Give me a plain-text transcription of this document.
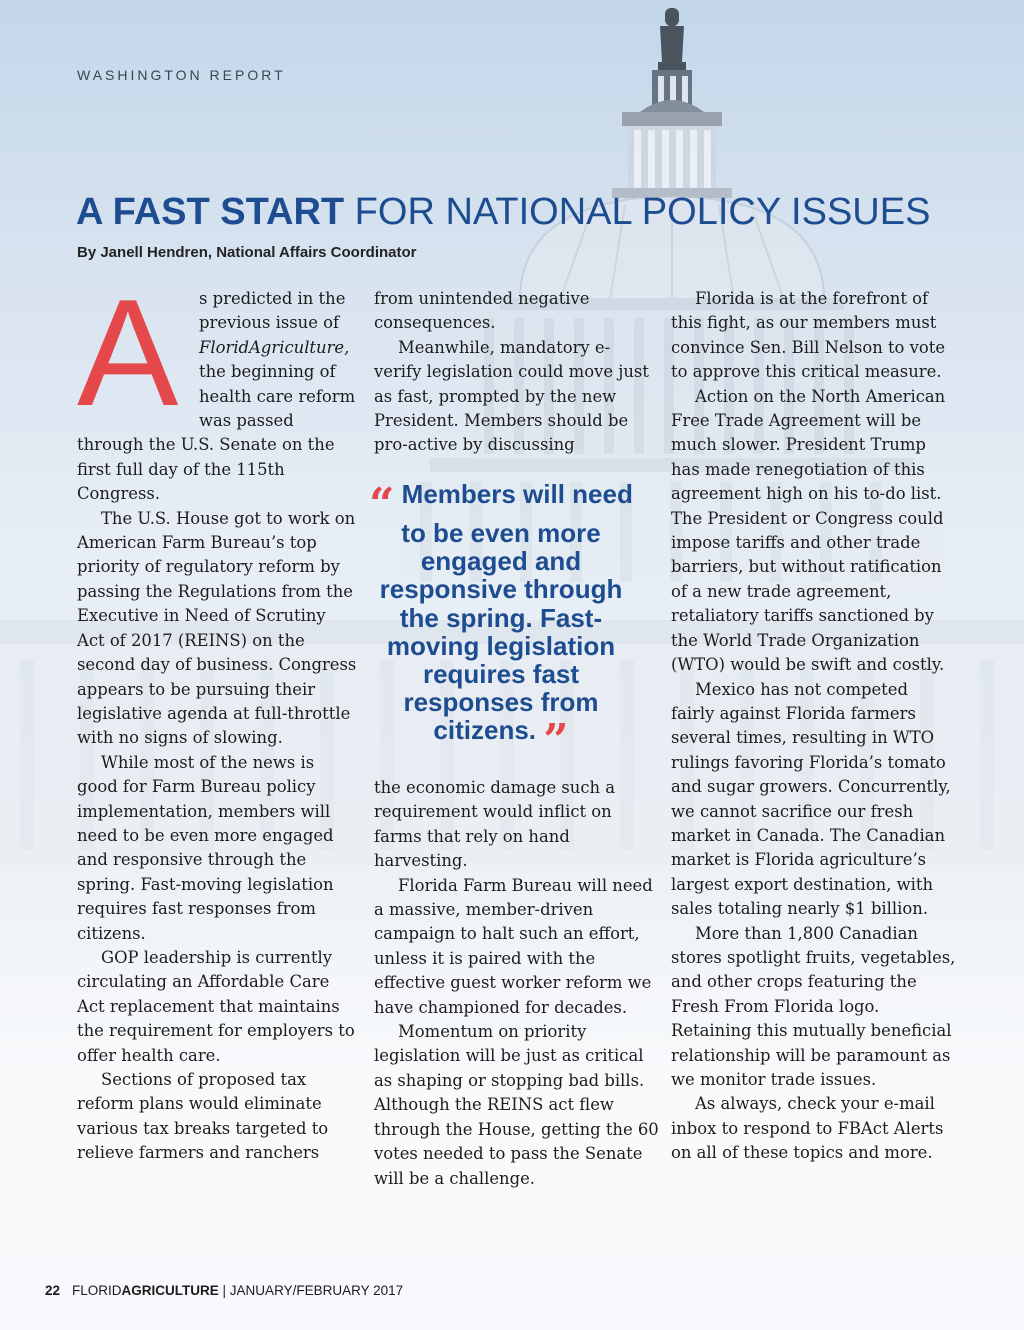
WASHINGTON REPORT
A FAST START FOR NATIONAL POLICY ISSUES
By Janell Hendren, National Affairs Coordinator

A	s predicted in the previous issue of FloridAgriculture, the beginning of health care reform was passed through the U.S. Senate on the first full day of the 115th Congress.

The U.S. House got to work on American Farm Bureau’s top priority of regulatory reform by passing the Regulations from the Executive in Need of Scrutiny Act of 2017 (REINS) on the second day of business. Congress appears to be pursuing their legislative agenda at full-throttle with no signs of slowing.

While most of the news is good for Farm Bureau policy implementation, members will need to be even more engaged and responsive through the spring. Fast-moving legislation requires fast responses from citizens.

GOP leadership is currently circulating an Affordable Care Act replacement that maintains the requirement for employers to offer health care.

Sections of proposed tax reform plans would eliminate various tax breaks targeted to relieve farmers and ranchers

from unintended negative consequences.

Meanwhile, mandatory e-verify legislation could move just as fast, prompted by the new President. Members should be pro-active by discussing

“ Members will need to be even more engaged and responsive through the spring. Fast-moving legislation requires fast responses from citizens. ”

the economic damage such a requirement would inflict on farms that rely on hand harvesting.

Florida Farm Bureau will need a massive, member-driven campaign to halt such an effort, unless it is paired with the effective guest worker reform we have championed for decades.

Momentum on priority legislation will be just as critical as shaping or stopping bad bills. Although the REINS act flew through the House, getting the 60 votes needed to pass the Senate will be a challenge.

Florida is at the forefront of this fight, as our members must convince Sen. Bill Nelson to vote to approve this critical measure.

Action on the North American Free Trade Agreement will be much slower. President Trump has made renegotiation of this agreement high on his to-do list. The President or Congress could impose tariffs and other trade barriers, but without ratification of a new trade agreement, retaliatory tariffs sanctioned by the World Trade Organization (WTO) would be swift and costly.

Mexico has not competed fairly against Florida farmers several times, resulting in WTO rulings favoring Florida’s tomato and sugar growers. Concurrently, we cannot sacrifice our fresh market in Canada. The Canadian market is Florida agriculture’s largest export destination, with sales totaling nearly $1 billion.

More than 1,800 Canadian stores spotlight fruits, vegetables, and other crops featuring the Fresh From Florida logo. Retaining this mutually beneficial relationship will be paramount as we monitor trade issues.

As always, check your e-mail inbox to respond to FBAct Alerts on all of these topics and more.

22 FLORIDAGRICULTURE | JANUARY/FEBRUARY 2017
